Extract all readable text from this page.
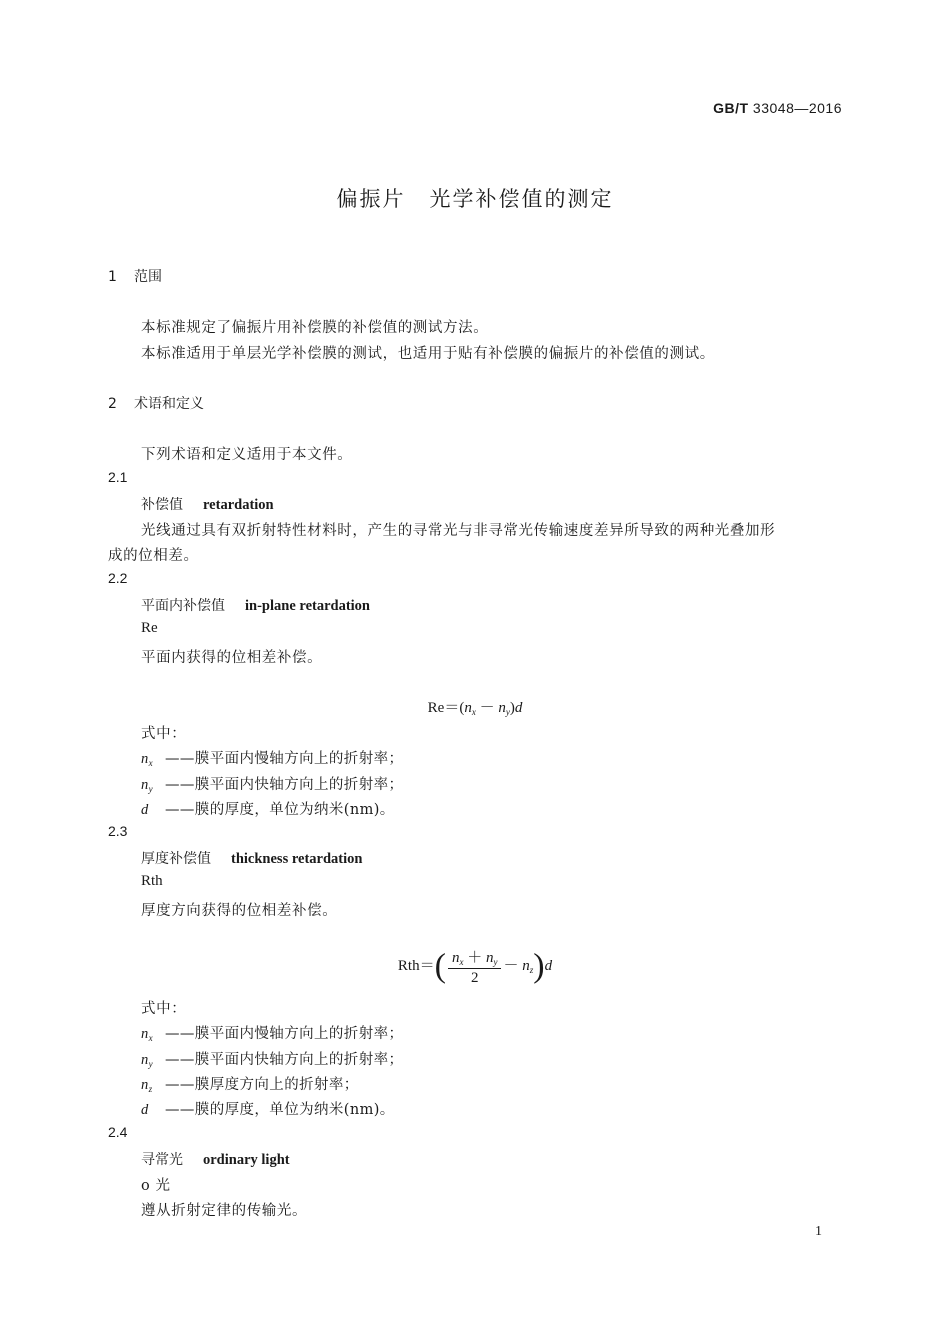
GB/T 33048—2016
偏振片 光学补偿值的测定
1 范围
本标准规定了偏振片用补偿膜的补偿值的测试方法。
本标准适用于单层光学补偿膜的测试，也适用于贴有补偿膜的偏振片的补偿值的测试。
2 术语和定义
下列术语和定义适用于本文件。
2.1
补偿值 retardation
光线通过具有双折射特性材料时，产生的寻常光与非寻常光传输速度差异所导致的两种光叠加形
成的位相差。
2.2
平面内补偿值 in-plane retardation
Re
平面内获得的位相差补偿。
$Re=(n_x - n_y)d$
式中：
$n_x$ ——膜平面内慢轴方向上的折射率；
$n_y$ ——膜平面内快轴方向上的折射率；
d ——膜的厚度，单位为纳米(nm)。
2.3
厚度补偿值 thickness retardation
Rth
厚度方向获得的位相差补偿。
$Rth=( \frac{n_x + n_y}{2} - n_z)d$
式中：
$n_x$ ——膜平面内慢轴方向上的折射率；
$n_y$ ——膜平面内快轴方向上的折射率；
$n_z$ ——膜厚度方向上的折射率；
d ——膜的厚度，单位为纳米(nm)。
2.4
寻常光 ordinary light
o 光
遵从折射定律的传输光。
1
